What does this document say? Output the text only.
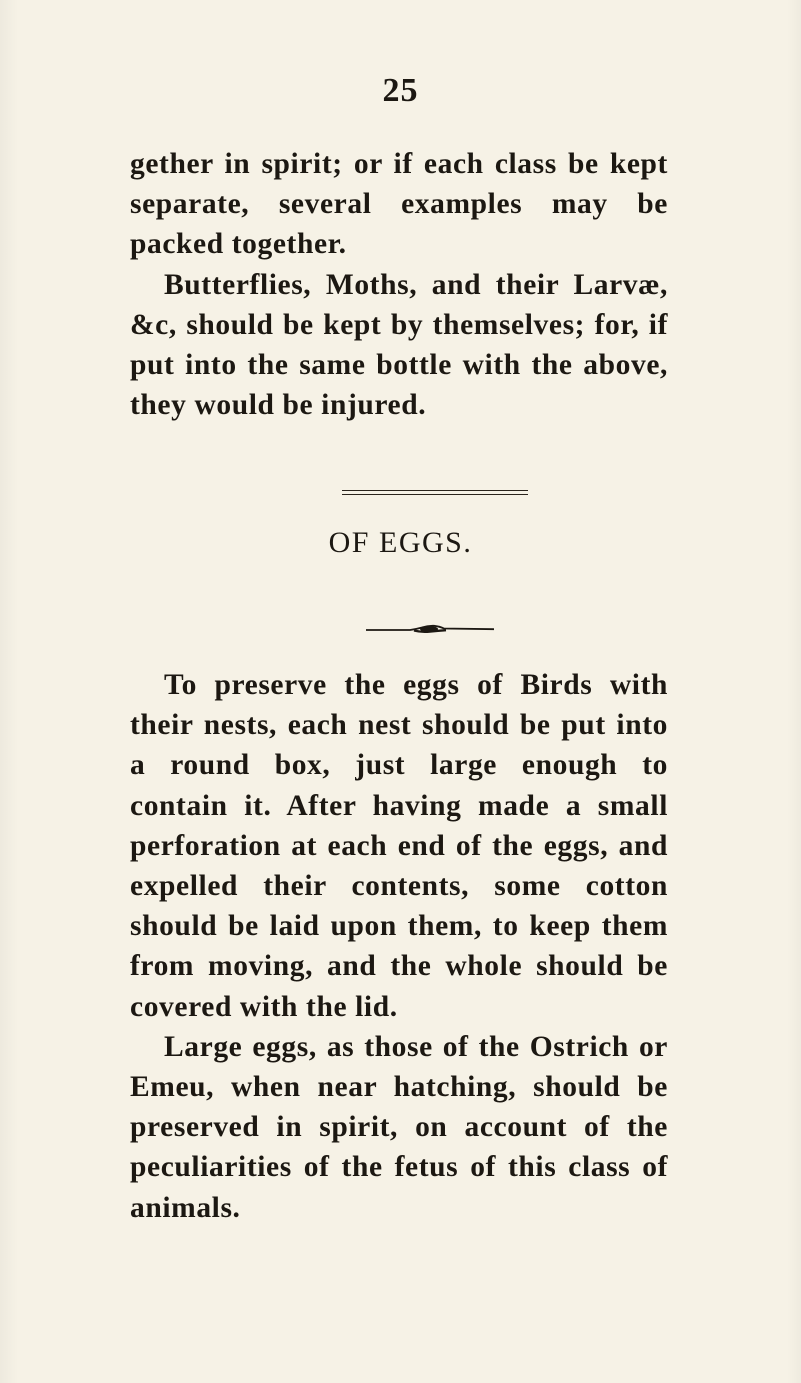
25

gether in spirit; or if each class be kept separate, several examples may be packed together.

Butterflies, Moths, and their Larvæ, &c, should be kept by themselves; for, if put into the same bottle with the above, they would be injured.

OF EGGS.

To preserve the eggs of Birds with their nests, each nest should be put into a round box, just large enough to contain it. After having made a small perforation at each end of the eggs, and expelled their contents, some cotton should be laid upon them, to keep them from moving, and the whole should be covered with the lid.

Large eggs, as those of the Ostrich or Emeu, when near hatching, should be preserved in spirit, on account of the peculiarities of the fetus of this class of animals.
